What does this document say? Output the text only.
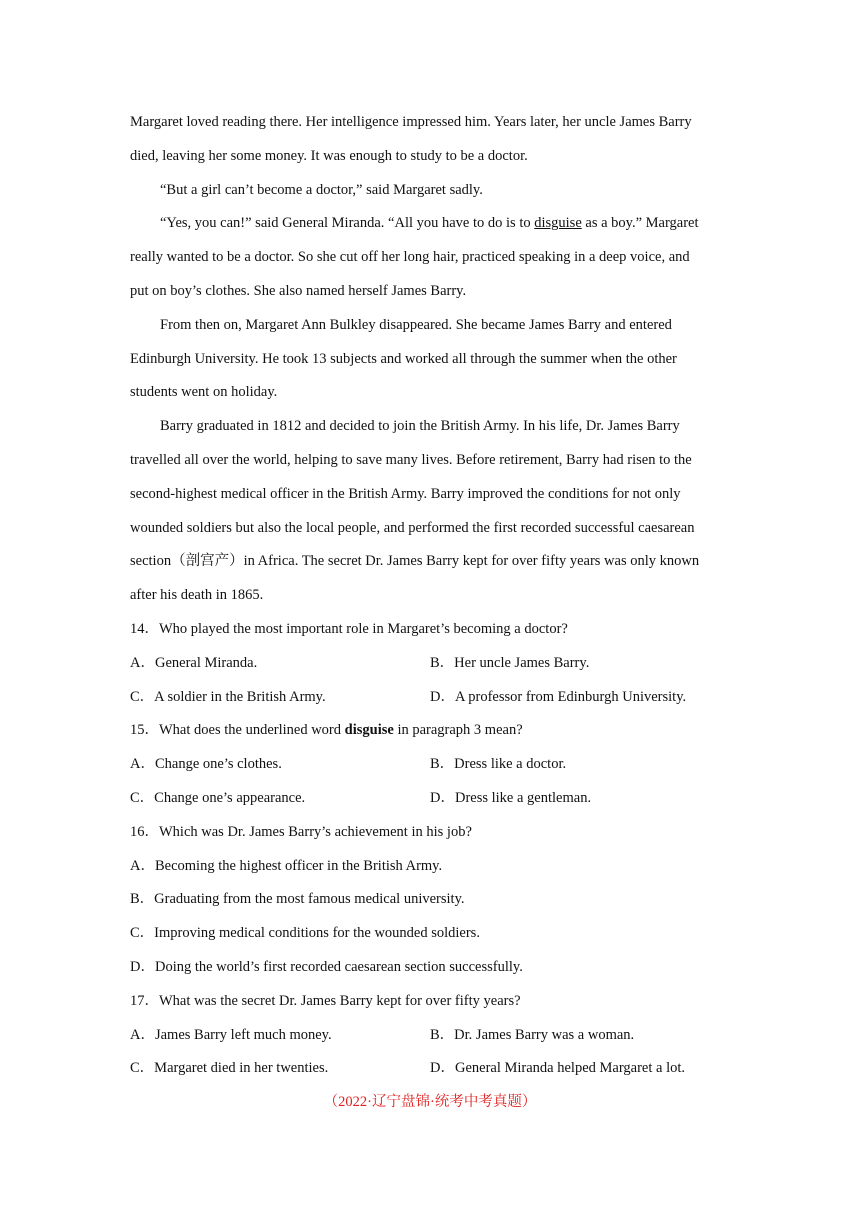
Margaret loved reading there. Her intelligence impressed him. Years later, her uncle James Barry
died, leaving her some money. It was enough to study to be a doctor.
“But a girl can’t become a doctor,” said Margaret sadly.
“Yes, you can!” said General Miranda. “All you have to do is to disguise as a boy.” Margaret
really wanted to be a doctor. So she cut off her long hair, practiced speaking in a deep voice, and
put on boy’s clothes. She also named herself James Barry.
From then on, Margaret Ann Bulkley disappeared. She became James Barry and entered
Edinburgh University. He took 13 subjects and worked all through the summer when the other
students went on holiday.
Barry graduated in 1812 and decided to join the British Army. In his life, Dr. James Barry
travelled all over the world, helping to save many lives. Before retirement, Barry had risen to the
second-highest medical officer in the British Army. Barry improved the conditions for not only
wounded soldiers but also the local people, and performed the first recorded successful caesarean
section（剖宫产）in Africa. The secret Dr. James Barry kept for over fifty years was only known
after his death in 1865.
14．Who played the most important role in Margaret’s becoming a doctor?
A．General Miranda.	B．Her uncle James Barry.
C．A soldier in the British Army.	D．A professor from Edinburgh University.
15．What does the underlined word disguise in paragraph 3 mean?
A．Change one’s clothes.	B．Dress like a doctor.
C．Change one’s appearance.	D．Dress like a gentleman.
16．Which was Dr. James Barry’s achievement in his job?
A．Becoming the highest officer in the British Army.
B．Graduating from the most famous medical university.
C．Improving medical conditions for the wounded soldiers.
D．Doing the world’s first recorded caesarean section successfully.
17．What was the secret Dr. James Barry kept for over fifty years?
A．James Barry left much money.	B．Dr. James Barry was a woman.
C．Margaret died in her twenties.	D．General Miranda helped Margaret a lot.
（2022·辽宁盘锦·统考中考真题）
